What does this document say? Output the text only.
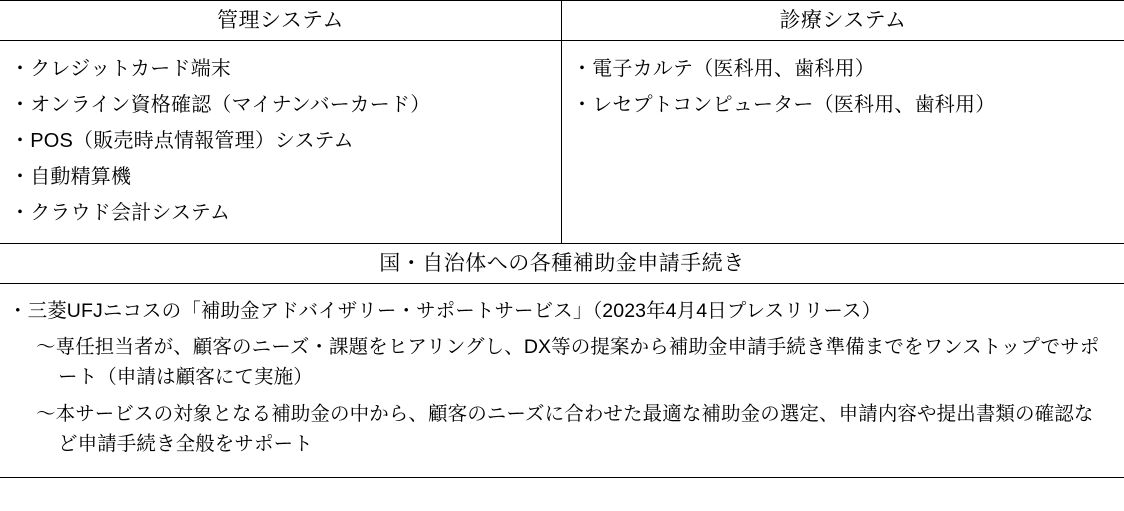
管理システム	診療システム
・クレジットカード端末
・オンライン資格確認（マイナンバーカード）
・POS（販売時点情報管理）システム
・自動精算機
・クラウド会計システム
・電子カルテ（医科用、歯科用）
・レセプトコンピューター（医科用、歯科用）
国・自治体への各種補助金申請手続き
・三菱UFJニコスの「補助金アドバイザリー・サポートサービス」（2023年4月4日プレスリリース）
〜専任担当者が、顧客のニーズ・課題をヒアリングし、DX等の提案から補助金申請手続き準備までをワンストップでサポート（申請は顧客にて実施）
〜本サービスの対象となる補助金の中から、顧客のニーズに合わせた最適な補助金の選定、申請内容や提出書類の確認など申請手続き全般をサポート
